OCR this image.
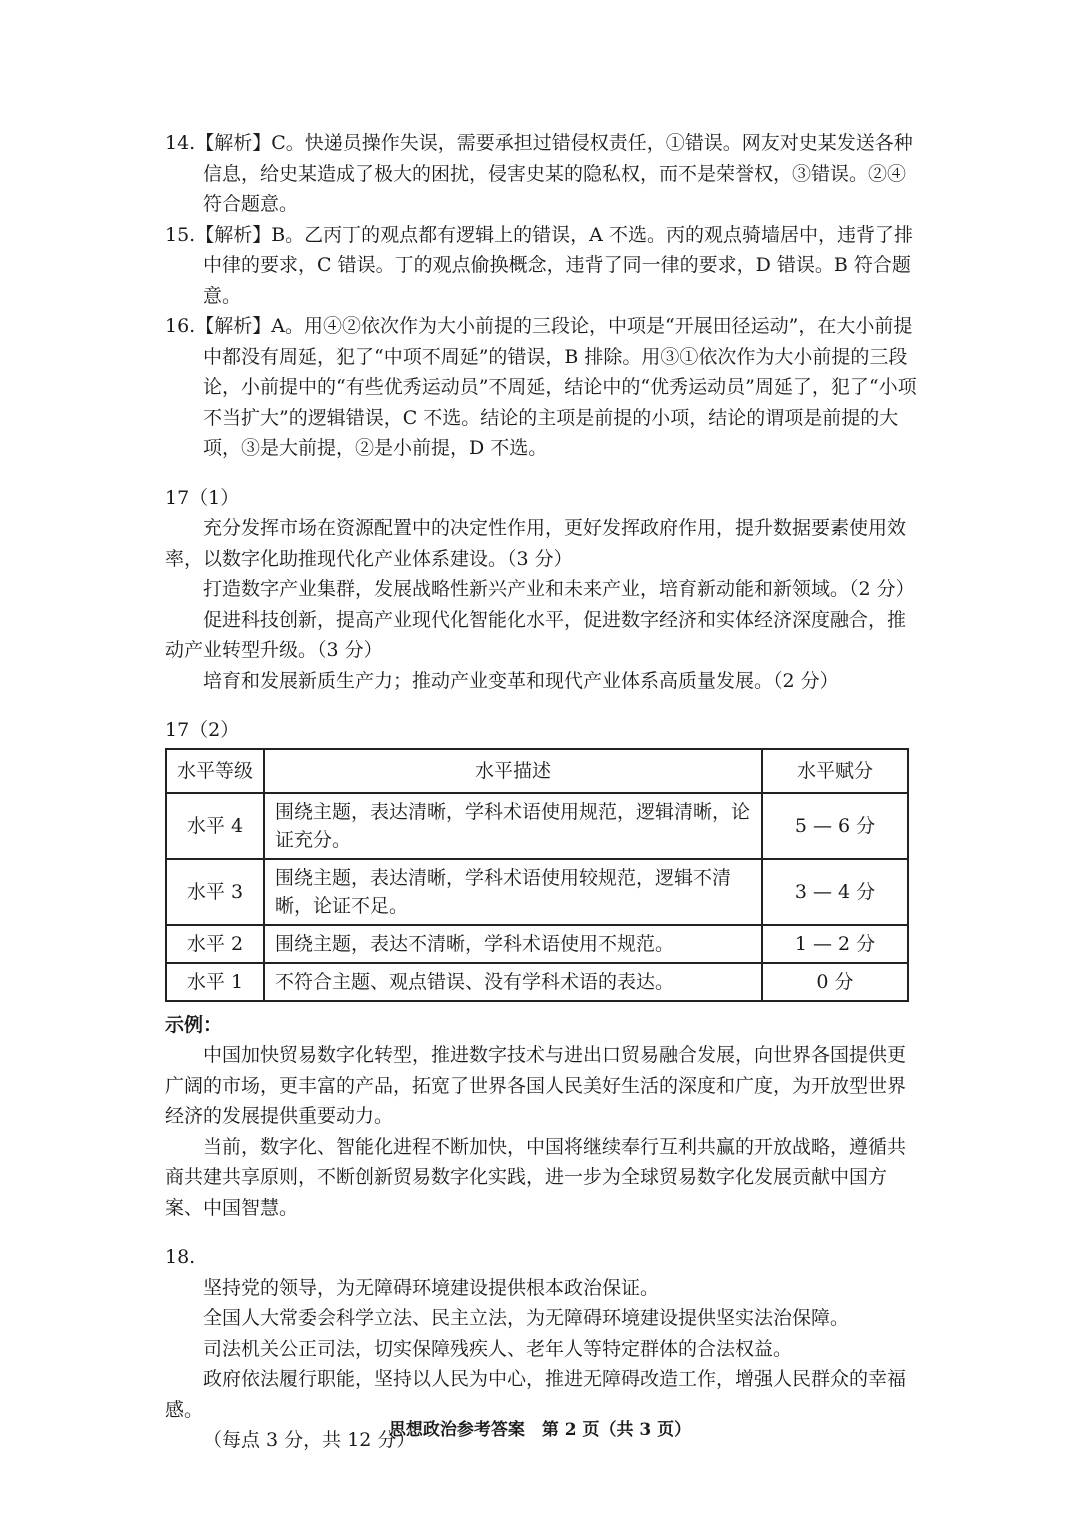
14.【解析】C。快递员操作失误，需要承担过错侵权责任，①错误。网友对史某发送各种信息，给史某造成了极大的困扰，侵害史某的隐私权，而不是荣誉权，③错误。②④符合题意。

15.【解析】B。乙丙丁的观点都有逻辑上的错误，A 不选。丙的观点骑墙居中，违背了排中律的要求，C 错误。丁的观点偷换概念，违背了同一律的要求，D 错误。B 符合题意。

16.【解析】A。用④②依次作为大小前提的三段论，中项是“开展田径运动”，在大小前提中都没有周延，犯了“中项不周延”的错误，B 排除。用③①依次作为大小前提的三段论，小前提中的“有些优秀运动员”不周延，结论中的“优秀运动员”周延了，犯了“小项不当扩大”的逻辑错误，C 不选。结论的主项是前提的小项，结论的谓项是前提的大项，③是大前提，②是小前提，D 不选。

17（1）

充分发挥市场在资源配置中的决定性作用，更好发挥政府作用，提升数据要素使用效率，以数字化助推现代化产业体系建设。（3 分）

打造数字产业集群，发展战略性新兴产业和未来产业，培育新动能和新领域。（2 分）

促进科技创新，提高产业现代化智能化水平，促进数字经济和实体经济深度融合，推动产业转型升级。（3 分）

培育和发展新质生产力；推动产业变革和现代产业体系高质量发展。（2 分）

17（2）

水平等级	水平描述	水平赋分
水平 4	围绕主题，表达清晰，学科术语使用规范，逻辑清晰，论证充分。	5 — 6 分
水平 3	围绕主题，表达清晰，学科术语使用较规范，逻辑不清晰，论证不足。	3 — 4 分
水平 2	围绕主题，表达不清晰，学科术语使用不规范。	1 — 2 分
水平 1	不符合主题、观点错误、没有学科术语的表达。	0 分

示例：

中国加快贸易数字化转型，推进数字技术与进出口贸易融合发展，向世界各国提供更广阔的市场，更丰富的产品，拓宽了世界各国人民美好生活的深度和广度，为开放型世界经济的发展提供重要动力。

当前，数字化、智能化进程不断加快，中国将继续奉行互利共赢的开放战略，遵循共商共建共享原则，不断创新贸易数字化实践，进一步为全球贸易数字化发展贡献中国方案、中国智慧。

18.

坚持党的领导，为无障碍环境建设提供根本政治保证。

全国人大常委会科学立法、民主立法，为无障碍环境建设提供坚实法治保障。

司法机关公正司法，切实保障残疾人、老年人等特定群体的合法权益。

政府依法履行职能，坚持以人民为中心，推进无障碍改造工作，增强人民群众的幸福感。

（每点 3 分，共 12 分）

思想政治参考答案　第 2 页（共 3 页）
